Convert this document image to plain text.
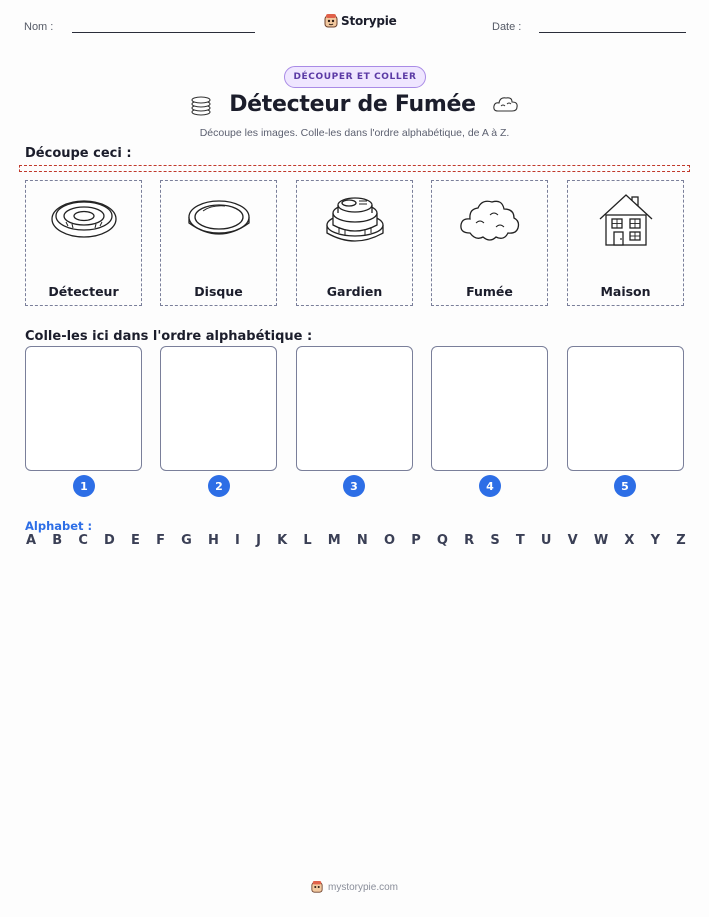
Nom :	Storypie	Date :
DÉCOUPER ET COLLER
Détecteur de Fumée
Découpe les images. Colle-les dans l'ordre alphabétique, de A à Z.
Découpe ceci :
Détecteur	Disque	Gardien	Fumée	Maison
Colle-les ici dans l'ordre alphabétique :
1	2	3	4	5
Alphabet :
A B C D E F G H I J K L M N O P Q R S T U V W X Y Z
mystorypie.com
